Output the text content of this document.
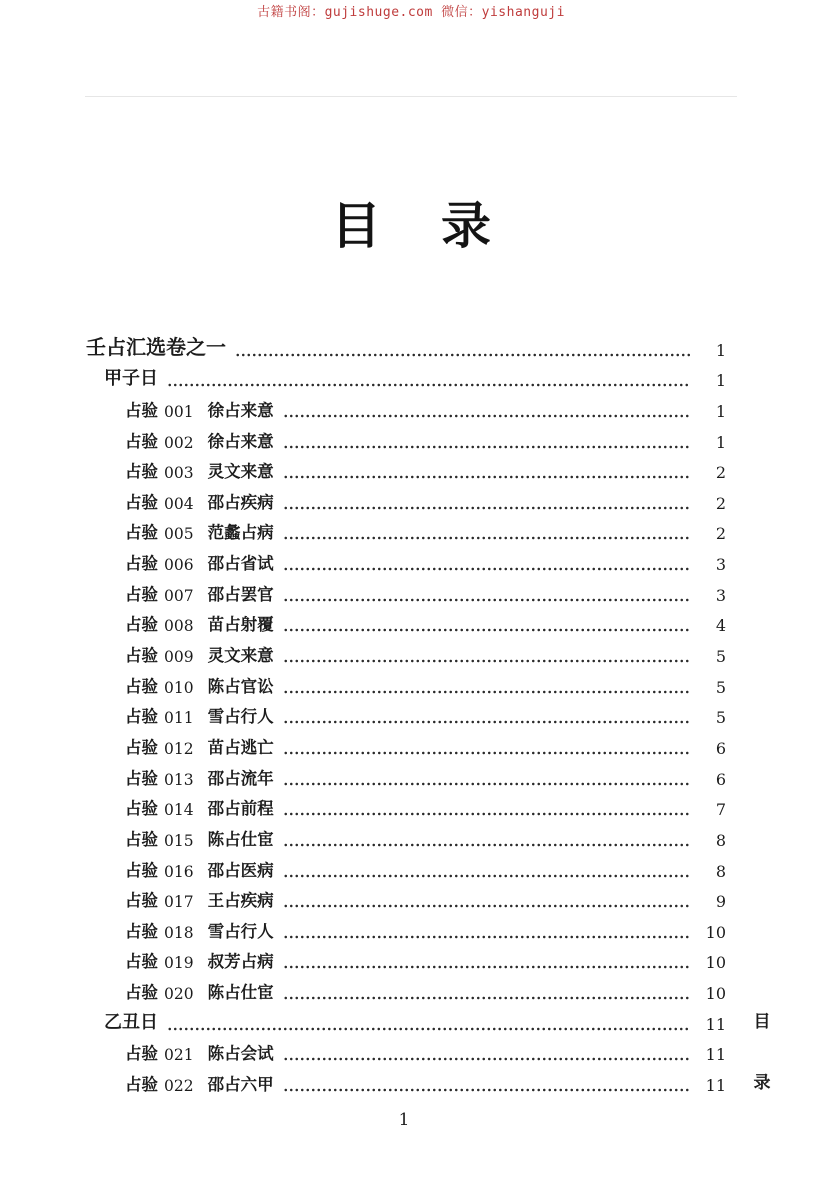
古籍书阁：gujishuge.com 微信：yishanguji
目 录
壬占汇选卷之一	1
甲子日	1
占验 001 徐占来意	1
占验 002 徐占来意	1
占验 003 灵文来意	2
占验 004 邵占疾病	2
占验 005 范蠡占病	2
占验 006 邵占省试	3
占验 007 邵占罢官	3
占验 008 苗占射覆	4
占验 009 灵文来意	5
占验 010 陈占官讼	5
占验 011 雪占行人	5
占验 012 苗占逃亡	6
占验 013 邵占流年	6
占验 014 邵占前程	7
占验 015 陈占仕宦	8
占验 016 邵占医病	8
占验 017 王占疾病	9
占验 018 雪占行人	10
占验 019 叔芳占病	10
占验 020 陈占仕宦	10
乙丑日	11
占验 021 陈占会试	11
占验 022 邵占六甲	11
目
录
1
